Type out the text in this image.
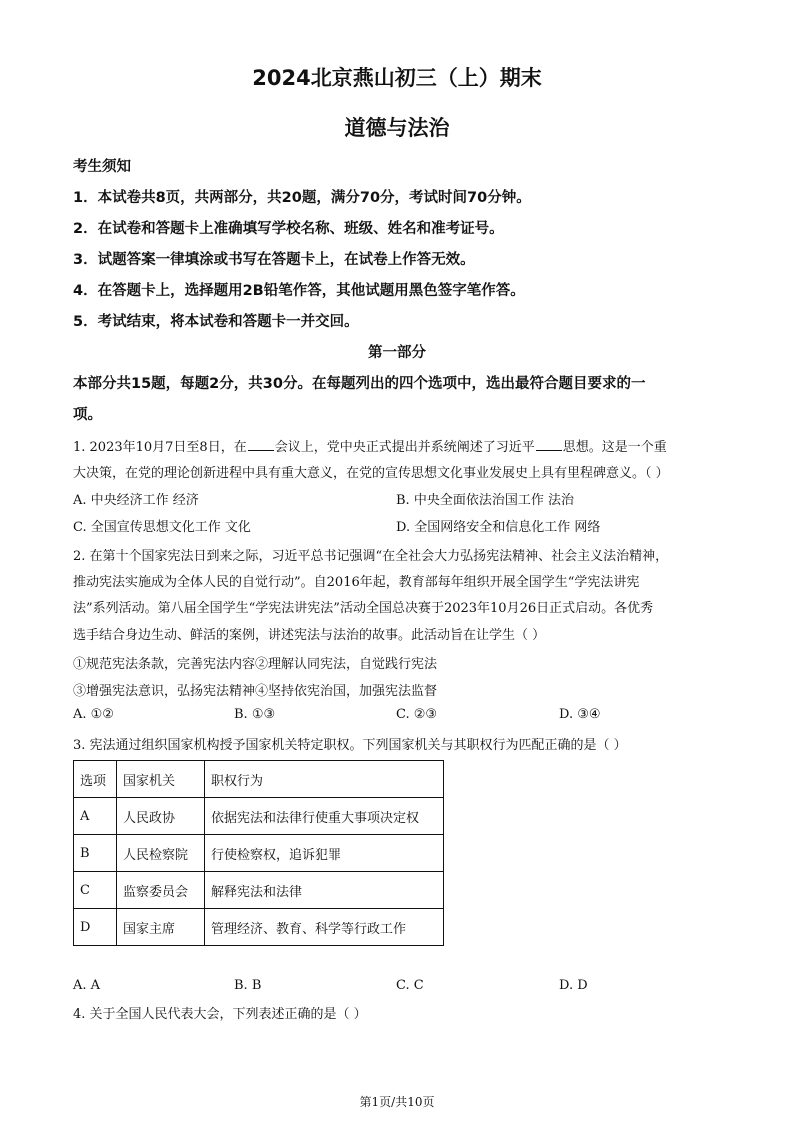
2024北京燕山初三（上）期末
道德与法治
考生须知
1．本试卷共8页，共两部分，共20题，满分70分，考试时间70分钟。
2．在试卷和答题卡上准确填写学校名称、班级、姓名和准考证号。
3．试题答案一律填涂或书写在答题卡上，在试卷上作答无效。
4．在答题卡上，选择题用2B铅笔作答，其他试题用黑色签字笔作答。
5．考试结束，将本试卷和答题卡一并交回。
第一部分
本部分共15题，每题2分，共30分。在每题列出的四个选项中，选出最符合题目要求的一
项。
1. 2023年10月7日至8日，在 会议上，党中央正式提出并系统阐述了习近平 思想。这是一个重
大决策，在党的理论创新进程中具有重大意义，在党的宣传思想文化事业发展史上具有里程碑意义。（ ）
A. 中央经济工作 经济	B. 中央全面依法治国工作 法治
C. 全国宣传思想文化工作 文化	D. 全国网络安全和信息化工作 网络
2. 在第十个国家宪法日到来之际，习近平总书记强调“在全社会大力弘扬宪法精神、社会主义法治精神，
推动宪法实施成为全体人民的自觉行动”。自2016年起，教育部每年组织开展全国学生“学宪法讲宪
法”系列活动。第八届全国学生“学宪法讲宪法”活动全国总决赛于2023年10月26日正式启动。各优秀
选手结合身边生动、鲜活的案例，讲述宪法与法治的故事。此活动旨在让学生（ ）
①规范宪法条款，完善宪法内容②理解认同宪法，自觉践行宪法
③增强宪法意识，弘扬宪法精神④坚持依宪治国，加强宪法监督
A. ①②	B. ①③	C. ②③	D. ③④
3. 宪法通过组织国家机构授予国家机关特定职权。下列国家机关与其职权行为匹配正确的是（ ）
选项	国家机关	职权行为
A	人民政协	依据宪法和法律行使重大事项决定权
B	人民检察院	行使检察权，追诉犯罪
C	监察委员会	解释宪法和法律
D	国家主席	管理经济、教育、科学等行政工作
A. A	B. B	C. C	D. D
4. 关于全国人民代表大会，下列表述正确的是（ ）
第1页/共10页
